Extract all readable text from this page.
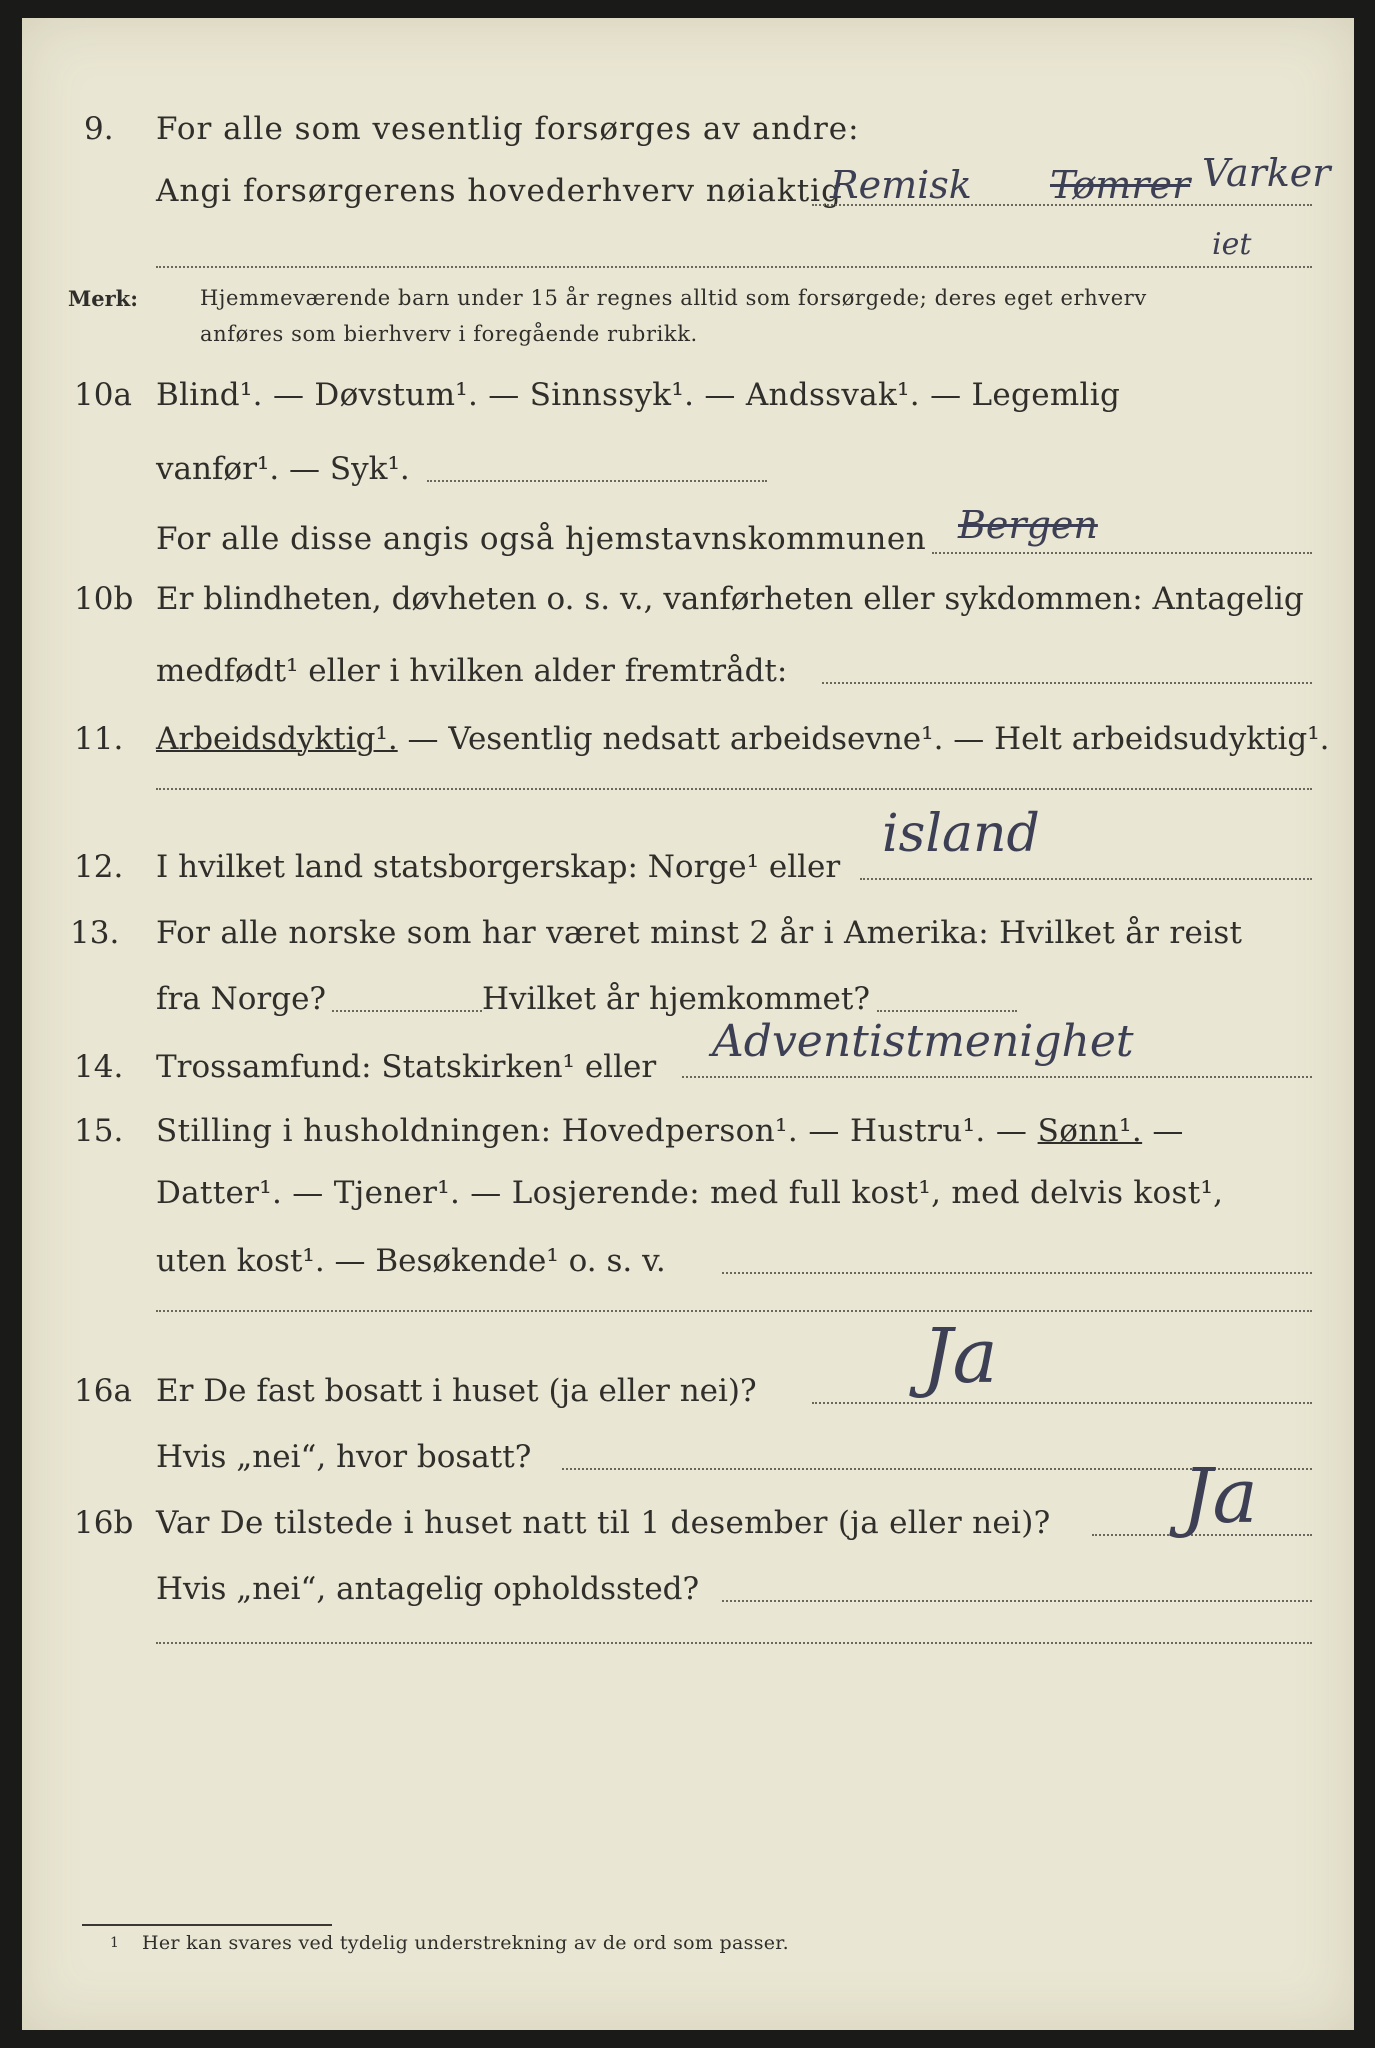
9. For alle som vesentlig forsørges av andre:
Angi forsørgerens hovederhverv nøiaktig
Remisk Tømrer Varker
iet
Merk:	Hjemmeværende barn under 15 år regnes alltid som forsørgede; deres eget erhverv
anføres som bierhverv i foregående rubrikk.
10a Blind¹. — Døvstum¹. — Sinnssyk¹. — Andssvak¹. — Legemlig
vanfør¹. — Syk¹.
For alle disse angis også hjemstavnskommunen Bergen
10b Er blindheten, døvheten o. s. v., vanførheten eller sykdommen: Antagelig
medfødt¹ eller i hvilken alder fremtrådt:
11. Arbeidsdyktig¹. — Vesentlig nedsatt arbeidsevne¹. — Helt arbeidsudyktig¹.
12. I hvilket land statsborgerskap: Norge¹ eller
island
13. For alle norske som har været minst 2 år i Amerika: Hvilket år reist
fra Norge?	Hvilket år hjemkommet?
14. Trossamfund: Statskirken¹ eller Adventistmenighet
15. Stilling i husholdningen: Hovedperson¹. — Hustru¹. — Sønn¹. —
Datter¹. — Tjener¹. — Losjerende: med full kost¹, med delvis kost¹,
uten kost¹. — Besøkende¹ o. s. v.
16a Er De fast bosatt i huset (ja eller nei)? Ja
Hvis „nei“, hvor bosatt?
16b Var De tilstede i huset natt til 1 desember (ja eller nei)? Ja
Hvis „nei“, antagelig opholdssted?
1 Her kan svares ved tydelig understrekning av de ord som passer.
